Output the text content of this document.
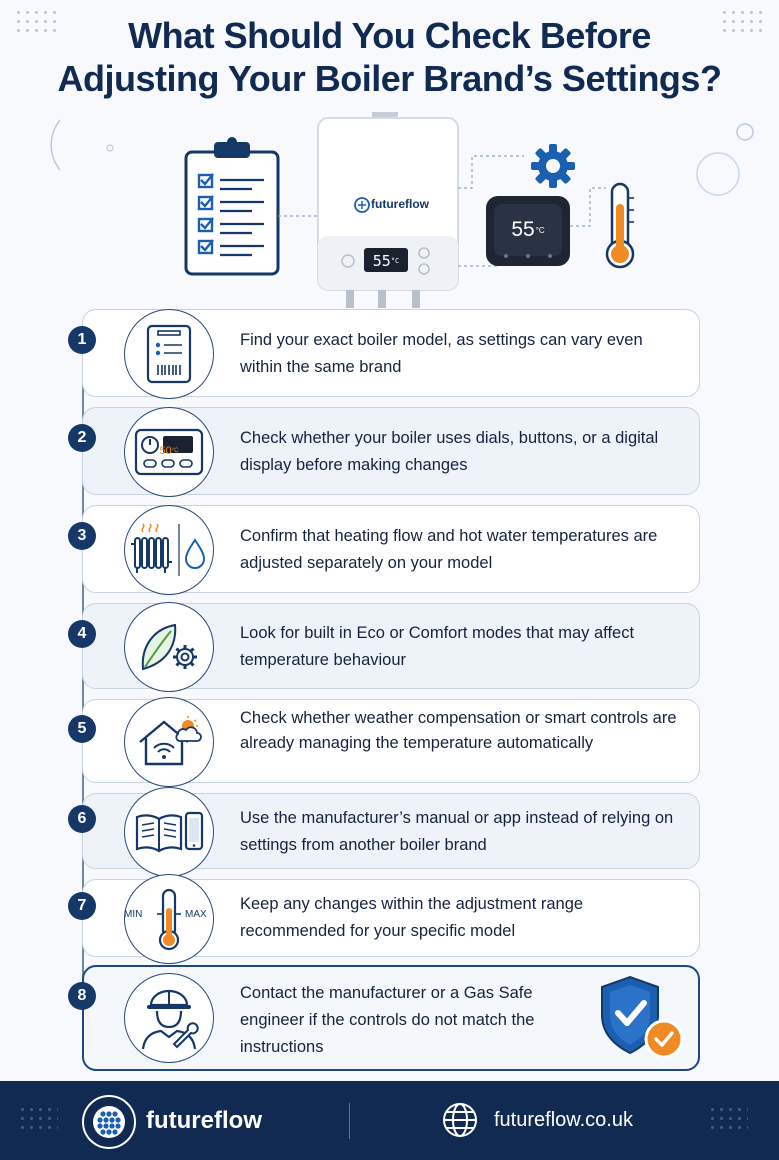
What Should You Check Before
Adjusting Your Boiler Brand’s Settings?
futureflow
55 °C
55 °C
1	Find your exact boiler model, as settings can vary even within the same brand
2
50 °C
Check whether your boiler uses dials, buttons, or a digital display before making changes
3	Confirm that heating flow and hot water temperatures are adjusted separately on your model
4	Look for built in Eco or Comfort modes that may affect temperature behaviour
5
Check whether weather compensation or smart controls are already managing the temperature automatically
6	Use the manufacturer’s manual or app instead of relying on settings from another boiler brand
7
MIN	MAX
Keep any changes within the adjustment range recommended for your specific model
8	Contact the manufacturer or a Gas Safe engineer if the controls do not match the instructions
futureflow	futureflow.co.uk
